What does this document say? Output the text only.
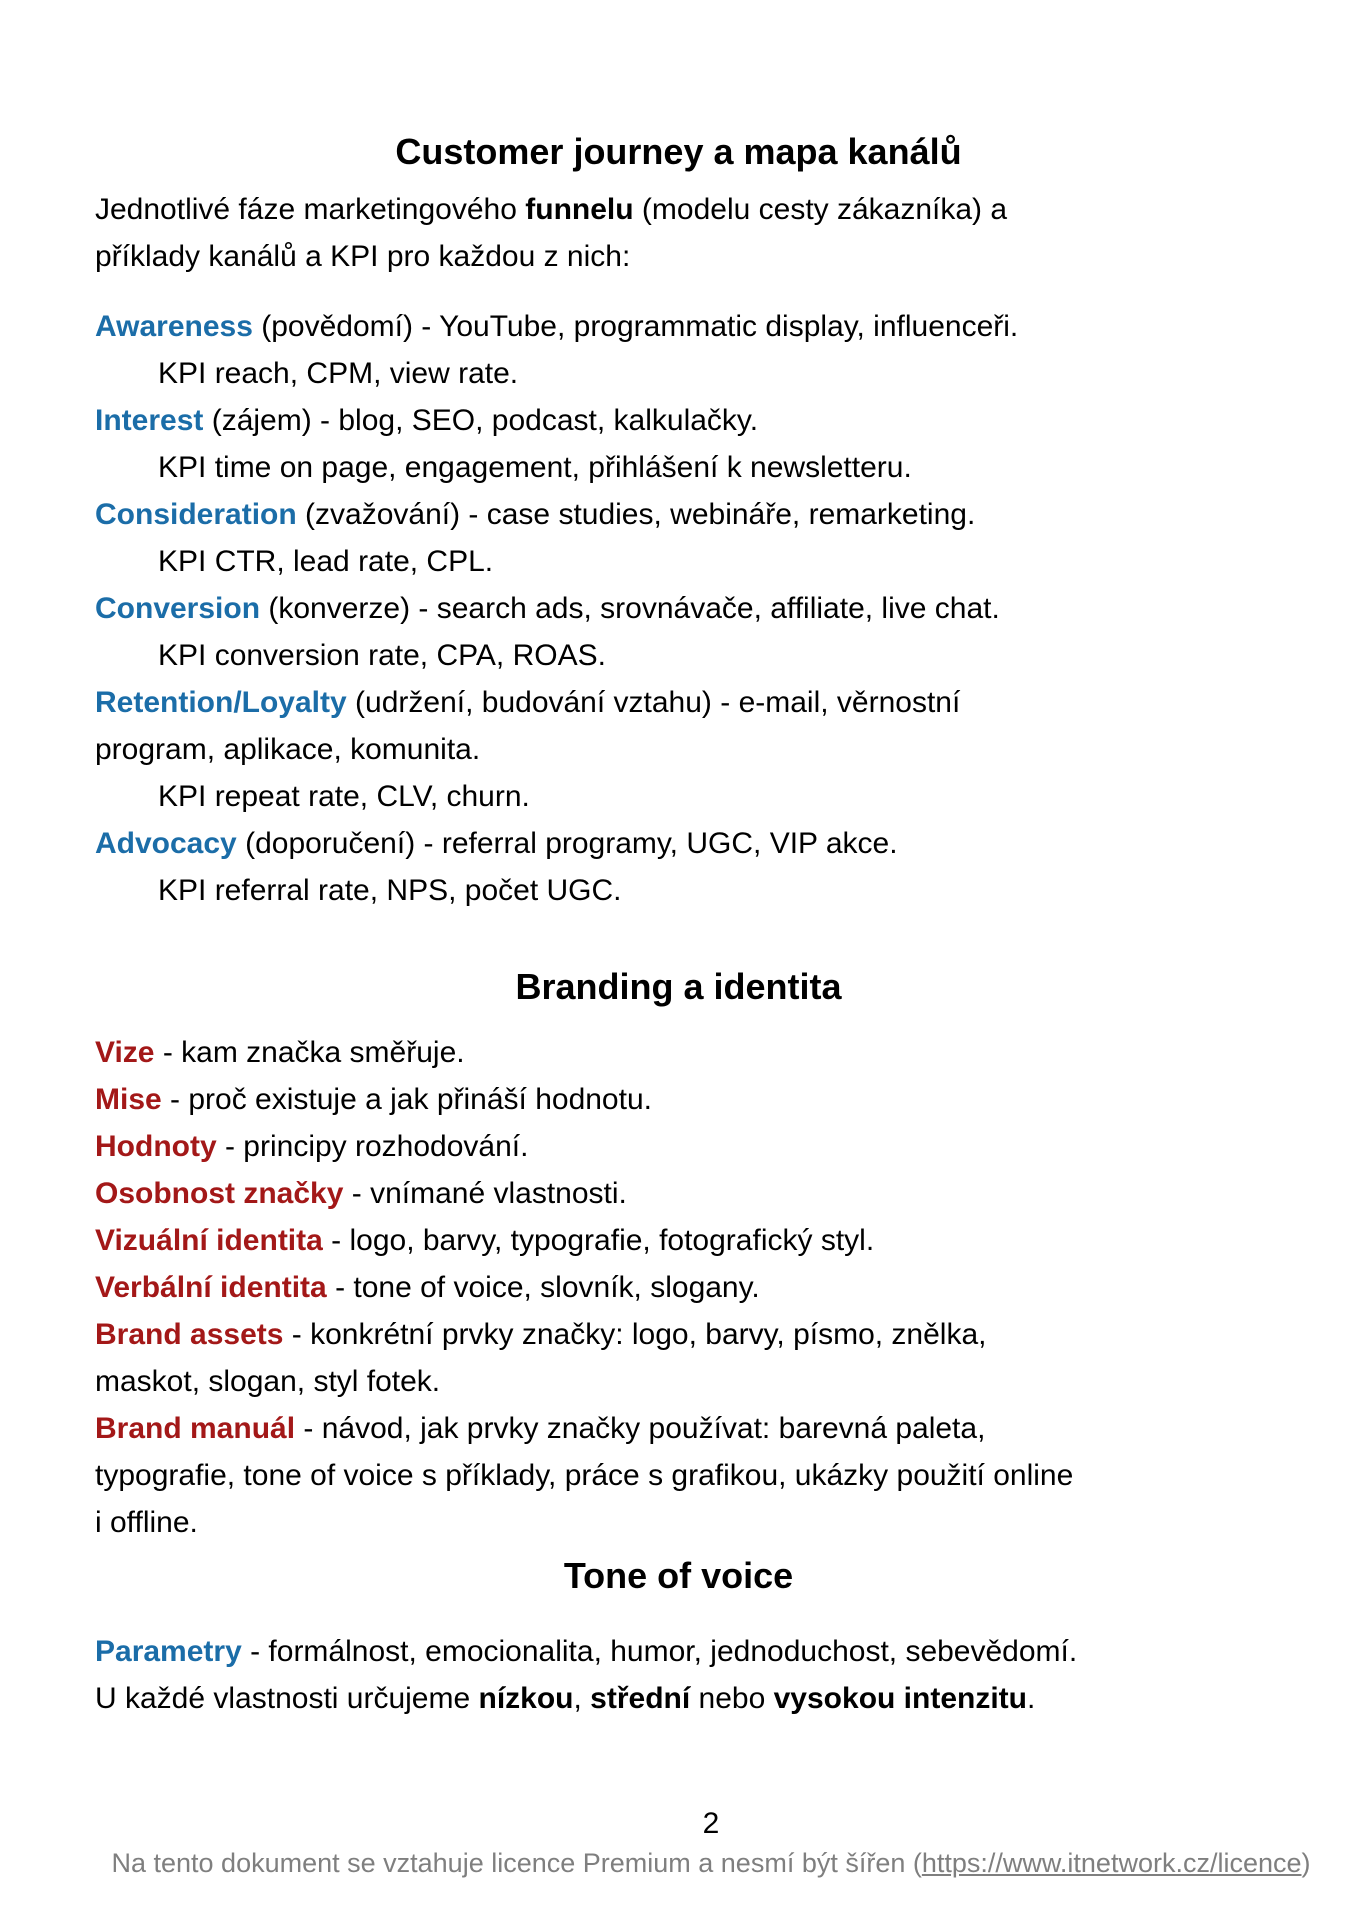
Customer journey a mapa kanálů
Jednotlivé fáze marketingového funnelu (modelu cesty zákazníka) a
příklady kanálů a KPI pro každou z nich:
Awareness (povědomí) - YouTube, programmatic display, influenceři.
KPI reach, CPM, view rate.
Interest (zájem) - blog, SEO, podcast, kalkulačky.
KPI time on page, engagement, přihlášení k newsletteru.
Consideration (zvažování) - case studies, webináře, remarketing.
KPI CTR, lead rate, CPL.
Conversion (konverze) - search ads, srovnávače, affiliate, live chat.
KPI conversion rate, CPA, ROAS.
Retention/Loyalty (udržení, budování vztahu) - e-mail, věrnostní
program, aplikace, komunita.
KPI repeat rate, CLV, churn.
Advocacy (doporučení) - referral programy, UGC, VIP akce.
KPI referral rate, NPS, počet UGC.
Branding a identita
Vize - kam značka směřuje.
Mise - proč existuje a jak přináší hodnotu.
Hodnoty - principy rozhodování.
Osobnost značky - vnímané vlastnosti.
Vizuální identita - logo, barvy, typografie, fotografický styl.
Verbální identita - tone of voice, slovník, slogany.
Brand assets - konkrétní prvky značky: logo, barvy, písmo, znělka,
maskot, slogan, styl fotek.
Brand manuál - návod, jak prvky značky používat: barevná paleta,
typografie, tone of voice s příklady, práce s grafikou, ukázky použití online
i offline.
Tone of voice
Parametry - formálnost, emocionalita, humor, jednoduchost, sebevědomí.
U každé vlastnosti určujeme nízkou, střední nebo vysokou intenzitu.
2
Na tento dokument se vztahuje licence Premium a nesmí být šířen (https://www.itnetwork.cz/licence)
